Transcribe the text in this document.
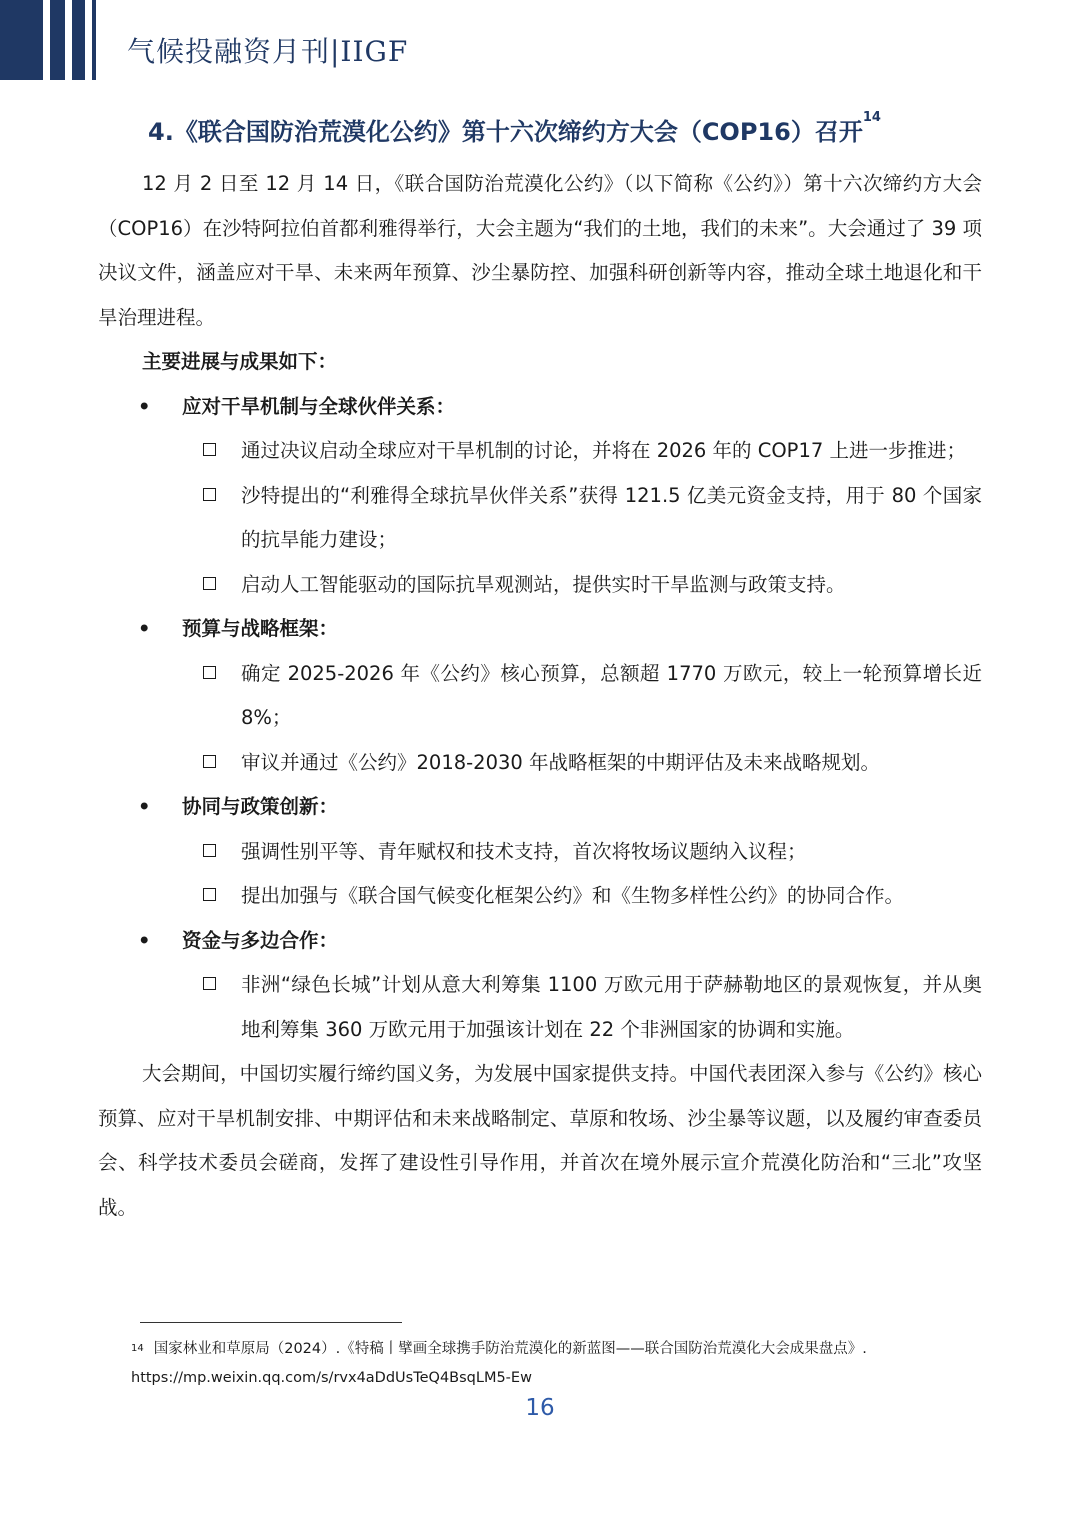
气候投融资月刊|IIGF
4.《联合国防治荒漠化公约》第十六次缔约方大会（COP16）召开$^{14}$

12 月 2 日至 12 月 14 日，《联合国防治荒漠化公约》（以下简称《公约》）第十六次缔约方大会（COP16）在沙特阿拉伯首都利雅得举行，大会主题为“我们的土地，我们的未来”。大会通过了 39 项决议文件，涵盖应对干旱、未来两年预算、沙尘暴防控、加强科研创新等内容，推动全球土地退化和干旱治理进程。

主要进展与成果如下：
• 应对干旱机制与全球伙伴关系：
通过决议启动全球应对干旱机制的讨论，并将在 2026 年的 COP17 上进一步推进；
沙特提出的“利雅得全球抗旱伙伴关系”获得 121.5 亿美元资金支持，用于 80 个国家的抗旱能力建设；
启动人工智能驱动的国际抗旱观测站，提供实时干旱监测与政策支持。
• 预算与战略框架：
确定 2025-2026 年《公约》核心预算，总额超 1770 万欧元，较上一轮预算增长近 8%；
审议并通过《公约》2018-2030 年战略框架的中期评估及未来战略规划。
• 协同与政策创新：
强调性别平等、青年赋权和技术支持，首次将牧场议题纳入议程；
提出加强与《联合国气候变化框架公约》和《生物多样性公约》的协同合作。
• 资金与多边合作：
非洲“绿色长城”计划从意大利筹集 1100 万欧元用于萨赫勒地区的景观恢复，并从奥地利筹集 360 万欧元用于加强该计划在 22 个非洲国家的协调和实施。

大会期间，中国切实履行缔约国义务，为发展中国家提供支持。中国代表团深入参与《公约》核心预算、应对干旱机制安排、中期评估和未来战略制定、草原和牧场、沙尘暴等议题，以及履约审查委员会、科学技术委员会磋商，发挥了建设性引导作用，并首次在境外展示宣介荒漠化防治和“三北”攻坚战。

$^{14}$ 国家林业和草原局（2024）.《特稿丨擘画全球携手防治荒漠化的新蓝图——联合国防治荒漠化大会成果盘点》.
https://mp.weixin.qq.com/s/rvx4aDdUsTeQ4BsqLM5-Ew
16
